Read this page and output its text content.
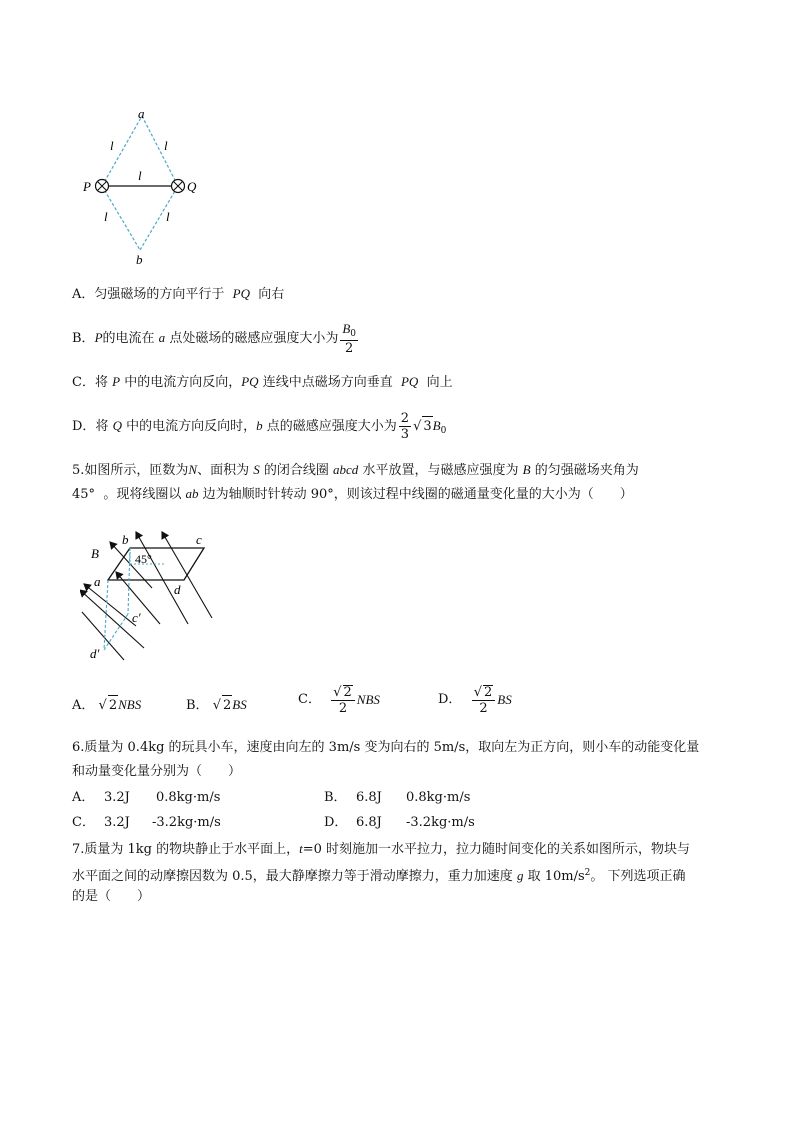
a
b
P	Q
l	l
l
l	l
A．匀强磁场的方向平行于 PQ 向右
B．P的电流在 a 点处磁场的磁感应强度大小为 $\frac{B_0}{2}$
C．将 P 中的电流方向反向，PQ 连线中点磁场方向垂直 PQ 向上
D．将 Q 中的电流方向反向时，b 点的磁感应强度大小为 $\frac{2}{3}$ √ $3B_0$
5.如图所示，匝数为N、面积为 S 的闭合线圈 abcd 水平放置，与磁感应强度为 B 的匀强磁场夹角为
45° 。现将线圈以 ab 边为轴顺时针转动 90°，则该过程中线圈的磁通量变化量的大小为（　　）
B
b	c
a
d
c′
d′
45°
A． √ 2NBS	B． √ 2BS	C． $\frac{√ 2}{2}$ NBS	D． $\frac{√ 2}{2}$ BS
6.质量为 0.4kg 的玩具小车，速度由向左的 3m/s 变为向右的 5m/s，取向左为正方向，则小车的动能变化量
和动量变化量分别为（　　）
A． 3.2J 0.8kg·m/s	B． 6.8J 0.8kg·m/s
C． 3.2J -3.2kg·m/s	D． 6.8J -3.2kg·m/s
7.质量为 1kg 的物块静止于水平面上，t=0 时刻施加一水平拉力，拉力随时间变化的关系如图所示，物块与
水平面之间的动摩擦因数为 0.5，最大静摩擦力等于滑动摩擦力，重力加速度 g 取 $10m/s^2$。 下列选项正确
的是（　　）
